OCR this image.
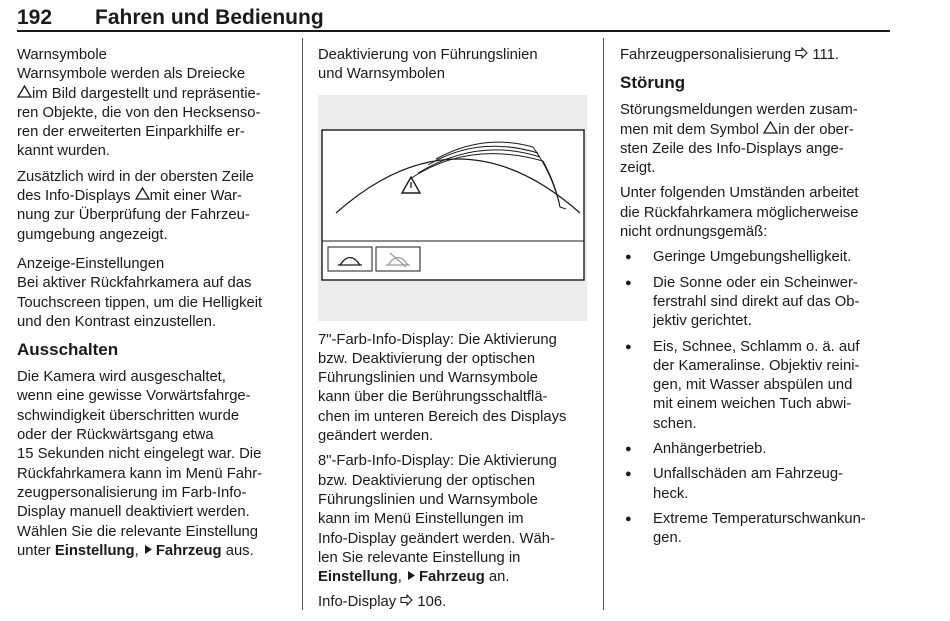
192 Fahren und Bedienung
Warnsymbole

Warnsymbole werden als Dreiecke
im Bild dargestellt und repräsentie-
ren Objekte, die von den Hecksenso-
ren der erweiterten Einparkhilfe er-
kannt wurden.

Zusätzlich wird in der obersten Zeile
des Info-Displays mit einer War-
nung zur Überprüfung der Fahrzeu-
gumgebung angezeigt.

Anzeige-Einstellungen

Bei aktiver Rückfahrkamera auf das
Touchscreen tippen, um die Helligkeit
und den Kontrast einzustellen.

Ausschalten

Die Kamera wird ausgeschaltet,
wenn eine gewisse Vorwärtsfahrge-
schwindigkeit überschritten wurde
oder der Rückwärtsgang etwa
15 Sekunden nicht eingelegt war. Die
Rückfahrkamera kann im Menü Fahr-
zeugpersonalisierung im Farb-Info-
Display manuell deaktiviert werden.
Wählen Sie die relevante Einstellung
unter Einstellung, Fahrzeug aus.

Deaktivierung von Führungslinien
und Warnsymbolen

7"-Farb-Info-Display: Die Aktivierung
bzw. Deaktivierung der optischen
Führungslinien und Warnsymbole
kann über die Berührungsschaltflä-
chen im unteren Bereich des Displays
geändert werden.

8"-Farb-Info-Display: Die Aktivierung
bzw. Deaktivierung der optischen
Führungslinien und Warnsymbole
kann im Menü Einstellungen im
Info-Display geändert werden. Wäh-
len Sie relevante Einstellung in
Einstellung, Fahrzeug an.

Info-Display 106.

Fahrzeugpersonalisierung 111.

Störung

Störungsmeldungen werden zusam-
men mit dem Symbol in der ober-
sten Zeile des Info-Displays ange-
zeigt.

Unter folgenden Umständen arbeitet
die Rückfahrkamera möglicherweise
nicht ordnungsgemäß:

● Geringe Umgebungshelligkeit.
● Die Sonne oder ein Scheinwer-
ferstrahl sind direkt auf das Ob-
jektiv gerichtet.
● Eis, Schnee, Schlamm o. ä. auf
der Kameralinse. Objektiv reini-
gen, mit Wasser abspülen und
mit einem weichen Tuch abwi-
schen.
● Anhängerbetrieb.
● Unfallschäden am Fahrzeug-
heck.
● Extreme Temperaturschwankun-
gen.
